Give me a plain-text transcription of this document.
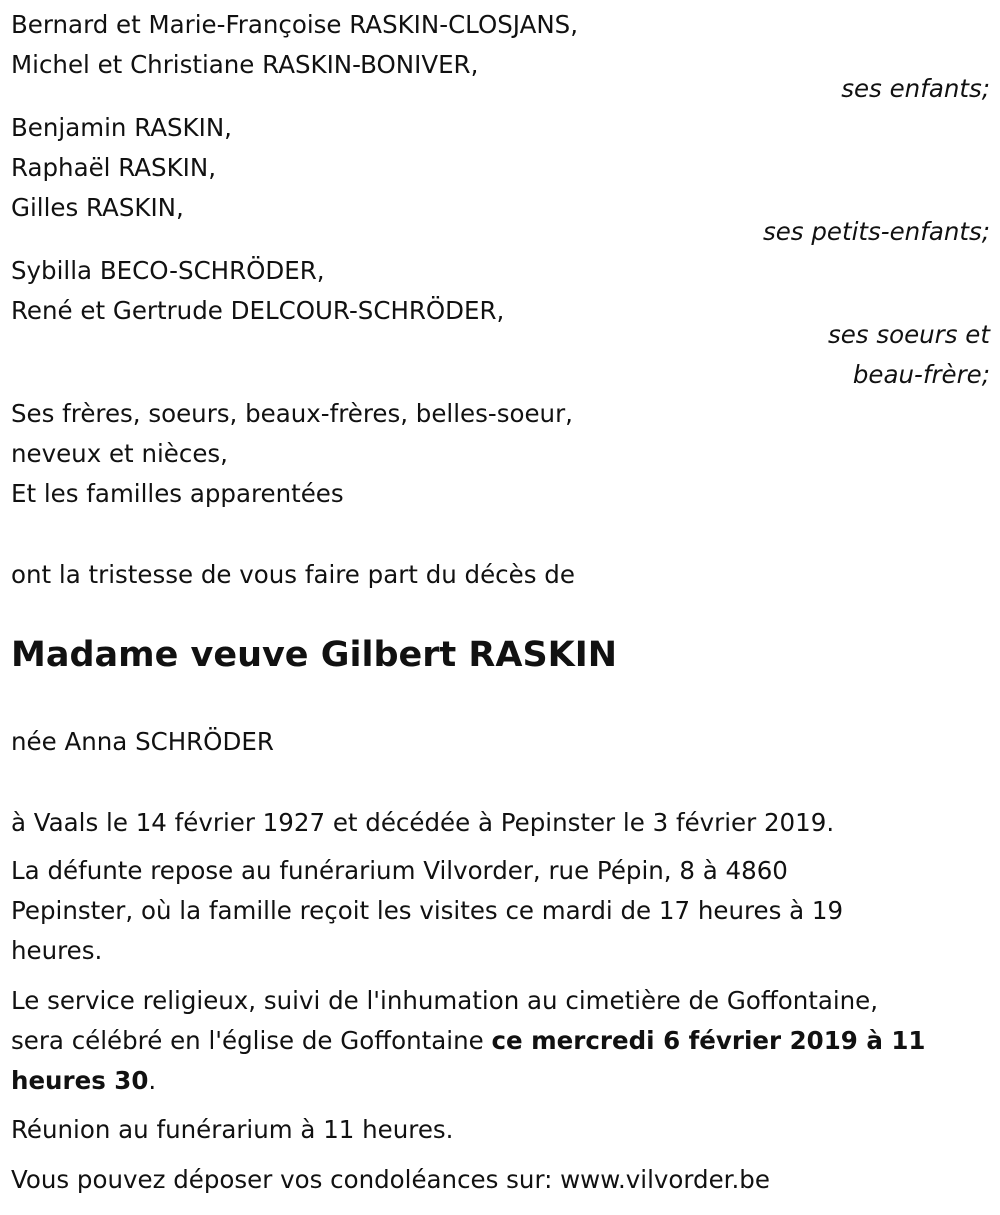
Bernard et Marie-Françoise RASKIN-CLOSJANS,
Michel et Christiane RASKIN-BONIVER,
ses enfants;
Benjamin RASKIN,
Raphaël RASKIN,
Gilles RASKIN,
ses petits-enfants;
Sybilla BECO-SCHRÖDER,
René et Gertrude DELCOUR-SCHRÖDER,
ses soeurs et
beau-frère;
Ses frères, soeurs, beaux-frères, belles-soeur,
neveux et nièces,
Et les familles apparentées
ont la tristesse de vous faire part du décès de
Madame veuve Gilbert RASKIN
née Anna SCHRÖDER
à Vaals le 14 février 1927 et décédée à Pepinster le 3 février 2019.
La défunte repose au funérarium Vilvorder, rue Pépin, 8 à 4860
Pepinster, où la famille reçoit les visites ce mardi de 17 heures à 19
heures.
Le service religieux, suivi de l'inhumation au cimetière de Goffontaine,
sera célébré en l'église de Goffontaine ce mercredi 6 février 2019 à 11
heures 30.
Réunion au funérarium à 11 heures.
Vous pouvez déposer vos condoléances sur: www.vilvorder.be
